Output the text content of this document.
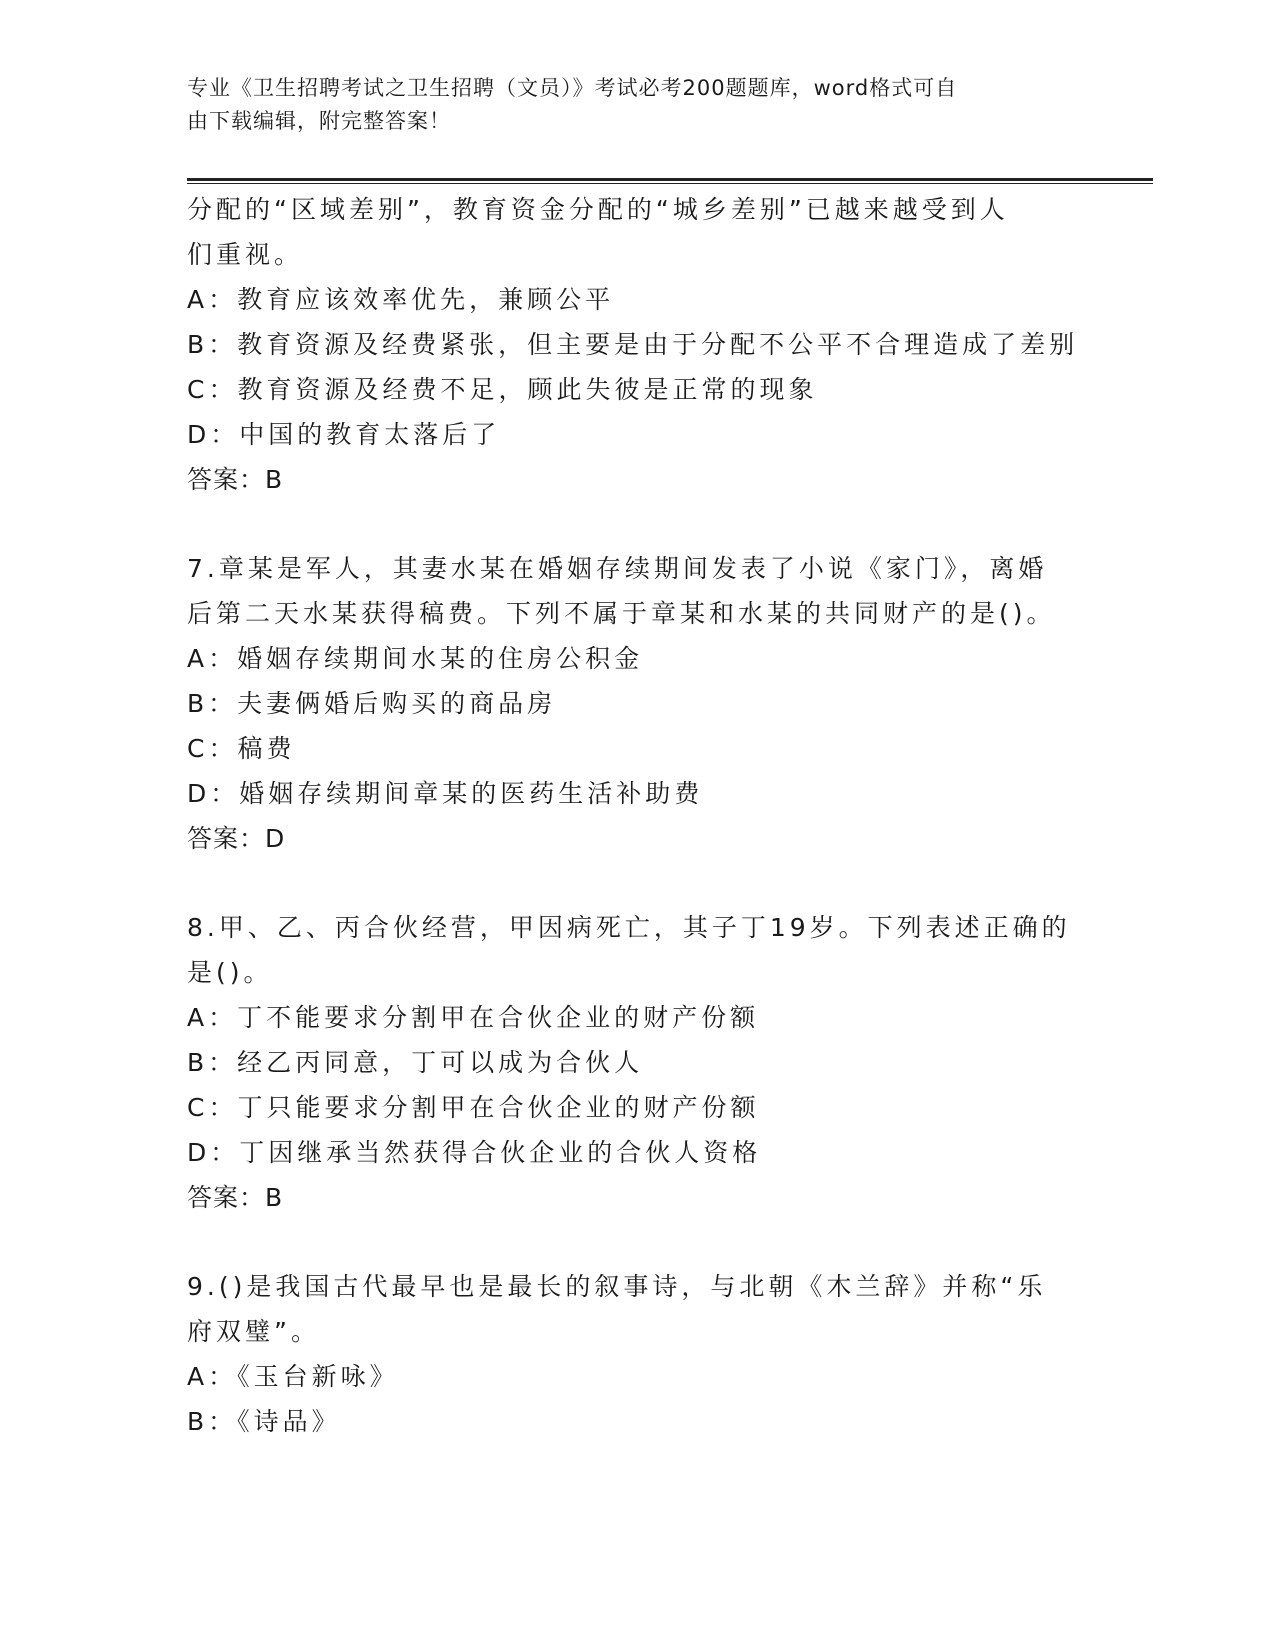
专业《卫生招聘考试之卫生招聘（文员）》考试必考200题题库，word格式可自
由下载编辑，附完整答案！
分配的“区域差别”，教育资金分配的“城乡差别”已越来越受到人
们重视。
A：教育应该效率优先，兼顾公平
B：教育资源及经费紧张，但主要是由于分配不公平不合理造成了差别
C：教育资源及经费不足，顾此失彼是正常的现象
D：中国的教育太落后了
答案：B
7.章某是军人，其妻水某在婚姻存续期间发表了小说《家门》，离婚
后第二天水某获得稿费。下列不属于章某和水某的共同财产的是()。
A：婚姻存续期间水某的住房公积金
B：夫妻俩婚后购买的商品房
C：稿费
D：婚姻存续期间章某的医药生活补助费
答案：D
8.甲、乙、丙合伙经营，甲因病死亡，其子丁19岁。下列表述正确的
是()。
A：丁不能要求分割甲在合伙企业的财产份额
B：经乙丙同意，丁可以成为合伙人
C：丁只能要求分割甲在合伙企业的财产份额
D：丁因继承当然获得合伙企业的合伙人资格
答案：B
9.()是我国古代最早也是最长的叙事诗，与北朝《木兰辞》并称“乐
府双璧”。
A：《玉台新咏》
B：《诗品》
